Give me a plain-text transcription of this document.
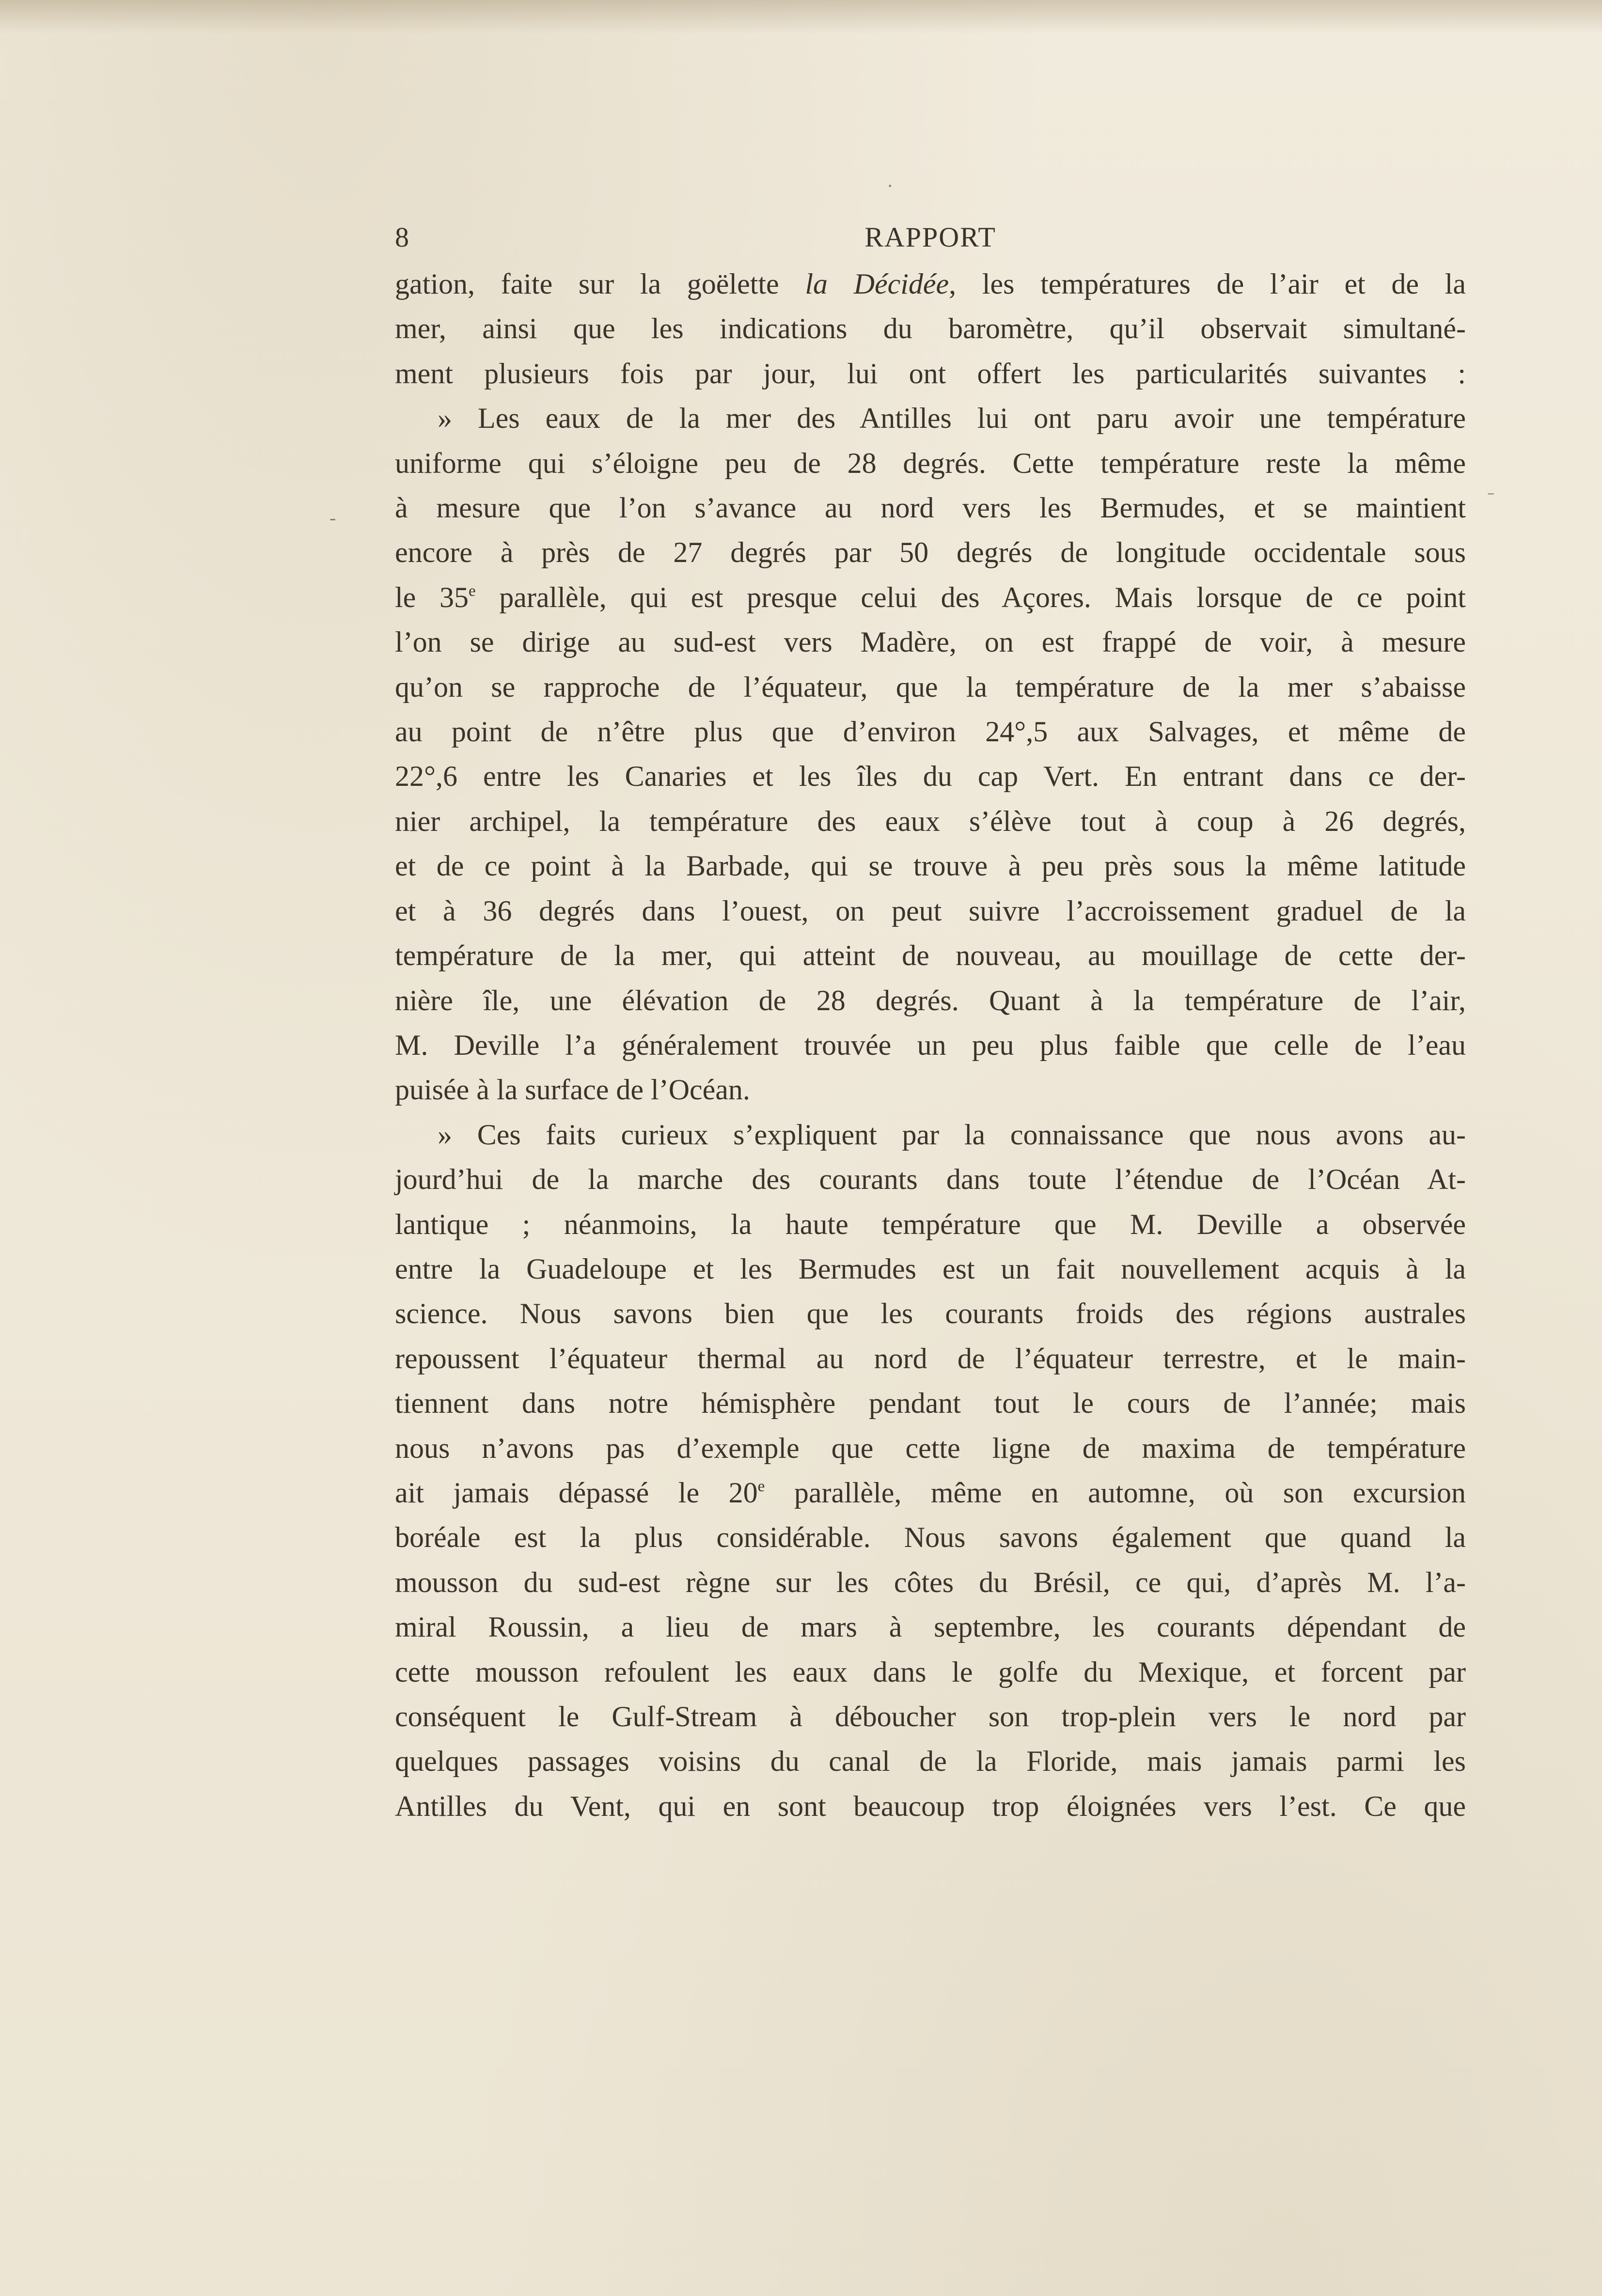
·
˗
-
8	RAPPORT

gation, faite sur la goëlette la Décidée, les températures de l’air et de la

mer, ainsi que les indications du baromètre, qu’il observait simultané-

ment plusieurs fois par jour, lui ont offert les particularités suivantes :

» Les eaux de la mer des Antilles lui ont paru avoir une température

uniforme qui s’éloigne peu de 28 degrés. Cette température reste la même

à mesure que l’on s’avance au nord vers les Bermudes, et se maintient

encore à près de 27 degrés par 50 degrés de longitude occidentale sous

le 35e parallèle, qui est presque celui des Açores. Mais lorsque de ce point

l’on se dirige au sud-est vers Madère, on est frappé de voir, à mesure

qu’on se rapproche de l’équateur, que la température de la mer s’abaisse

au point de n’être plus que d’environ 24°,5 aux Salvages, et même de

22°,6 entre les Canaries et les îles du cap Vert. En entrant dans ce der-

nier archipel, la température des eaux s’élève tout à coup à 26 degrés,

et de ce point à la Barbade, qui se trouve à peu près sous la même latitude

et à 36 degrés dans l’ouest, on peut suivre l’accroissement graduel de la

température de la mer, qui atteint de nouveau, au mouillage de cette der-

nière île, une élévation de 28 degrés. Quant à la température de l’air,

M. Deville l’a généralement trouvée un peu plus faible que celle de l’eau

puisée à la surface de l’Océan.

» Ces faits curieux s’expliquent par la connaissance que nous avons au-

jourd’hui de la marche des courants dans toute l’étendue de l’Océan At-

lantique ; néanmoins, la haute température que M. Deville a observée

entre la Guadeloupe et les Bermudes est un fait nouvellement acquis à la

science. Nous savons bien que les courants froids des régions australes

repoussent l’équateur thermal au nord de l’équateur terrestre, et le main-

tiennent dans notre hémisphère pendant tout le cours de l’année; mais

nous n’avons pas d’exemple que cette ligne de maxima de température

ait jamais dépassé le 20e parallèle, même en automne, où son excursion

boréale est la plus considérable. Nous savons également que quand la

mousson du sud-est règne sur les côtes du Brésil, ce qui, d’après M. l’a-

miral Roussin, a lieu de mars à septembre, les courants dépendant de

cette mousson refoulent les eaux dans le golfe du Mexique, et forcent par

conséquent le Gulf-Stream à déboucher son trop-plein vers le nord par

quelques passages voisins du canal de la Floride, mais jamais parmi les

Antilles du Vent, qui en sont beaucoup trop éloignées vers l’est. Ce que
